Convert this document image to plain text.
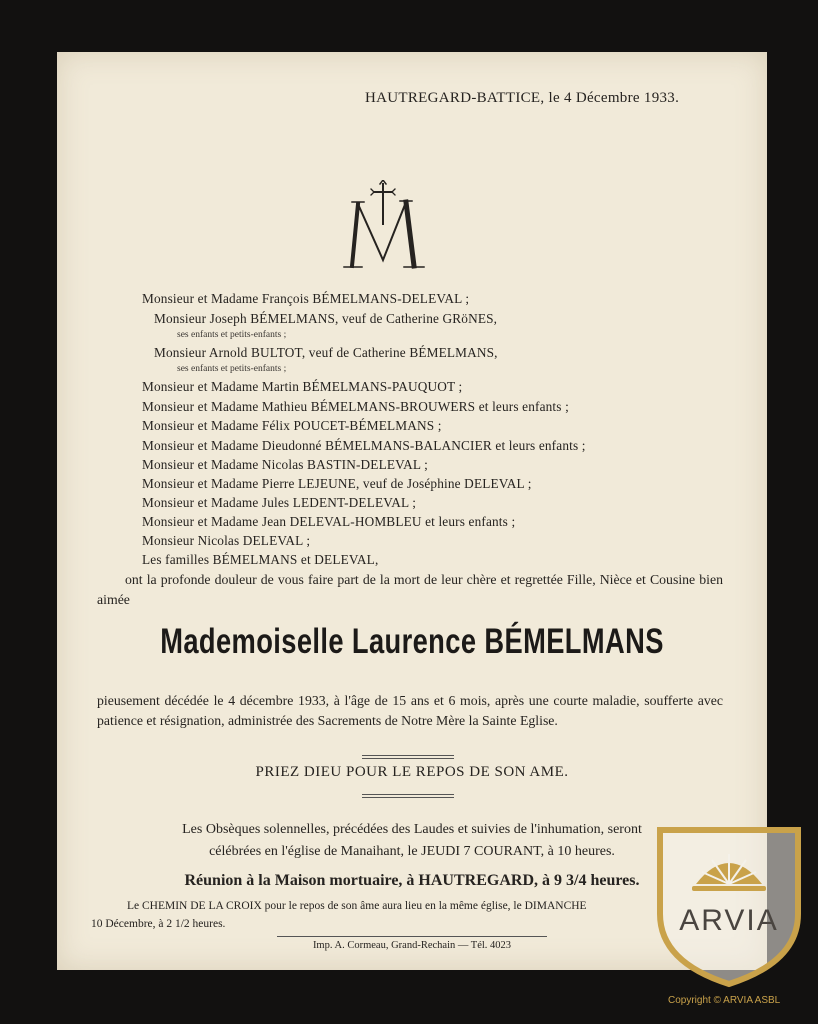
HAUTREGARD-BATTICE, le 4 Décembre 1933.
Monsieur et Madame François BÉMELMANS-DELEVAL ;
Monsieur Joseph BÉMELMANS, veuf de Catherine GRöNES,
ses enfants et petits-enfants ;
Monsieur Arnold BULTOT, veuf de Catherine BÉMELMANS,
ses enfants et petits-enfants ;
Monsieur et Madame Martin BÉMELMANS-PAUQUOT ;
Monsieur et Madame Mathieu BÉMELMANS-BROUWERS et leurs enfants ;
Monsieur et Madame Félix POUCET-BÉMELMANS ;
Monsieur et Madame Dieudonné BÉMELMANS-BALANCIER et leurs enfants ;
Monsieur et Madame Nicolas BASTIN-DELEVAL ;
Monsieur et Madame Pierre LEJEUNE, veuf de Joséphine DELEVAL ;
Monsieur et Madame Jules LEDENT-DELEVAL ;
Monsieur et Madame Jean DELEVAL-HOMBLEU et leurs enfants ;
Monsieur Nicolas DELEVAL ;
Les familles BÉMELMANS et DELEVAL,
ont la profonde douleur de vous faire part de la mort de leur chère et regrettée Fille, Nièce et Cousine bien aimée
Mademoiselle Laurence BÉMELMANS
pieusement décédée le 4 décembre 1933, à l'âge de 15 ans et 6 mois, après une courte maladie, soufferte avec patience et résignation, administrée des Sacrements de Notre Mère la Sainte Eglise.
PRIEZ DIEU POUR LE REPOS DE SON AME.
Les Obsèques solennelles, précédées des Laudes et suivies de l'inhumation, seront
célébrées en l'église de Manaihant, le JEUDI 7 COURANT, à 10 heures.
Réunion à la Maison mortuaire, à HAUTREGARD, à 9 3/4 heures.
Le CHEMIN DE LA CROIX pour le repos de son âme aura lieu en la même église, le DIMANCHE
10 Décembre, à 2 1/2 heures.
Imp. A. Cormeau, Grand-Rechain — Tél. 4023
ARVIA
Copyright © ARVIA ASBL
